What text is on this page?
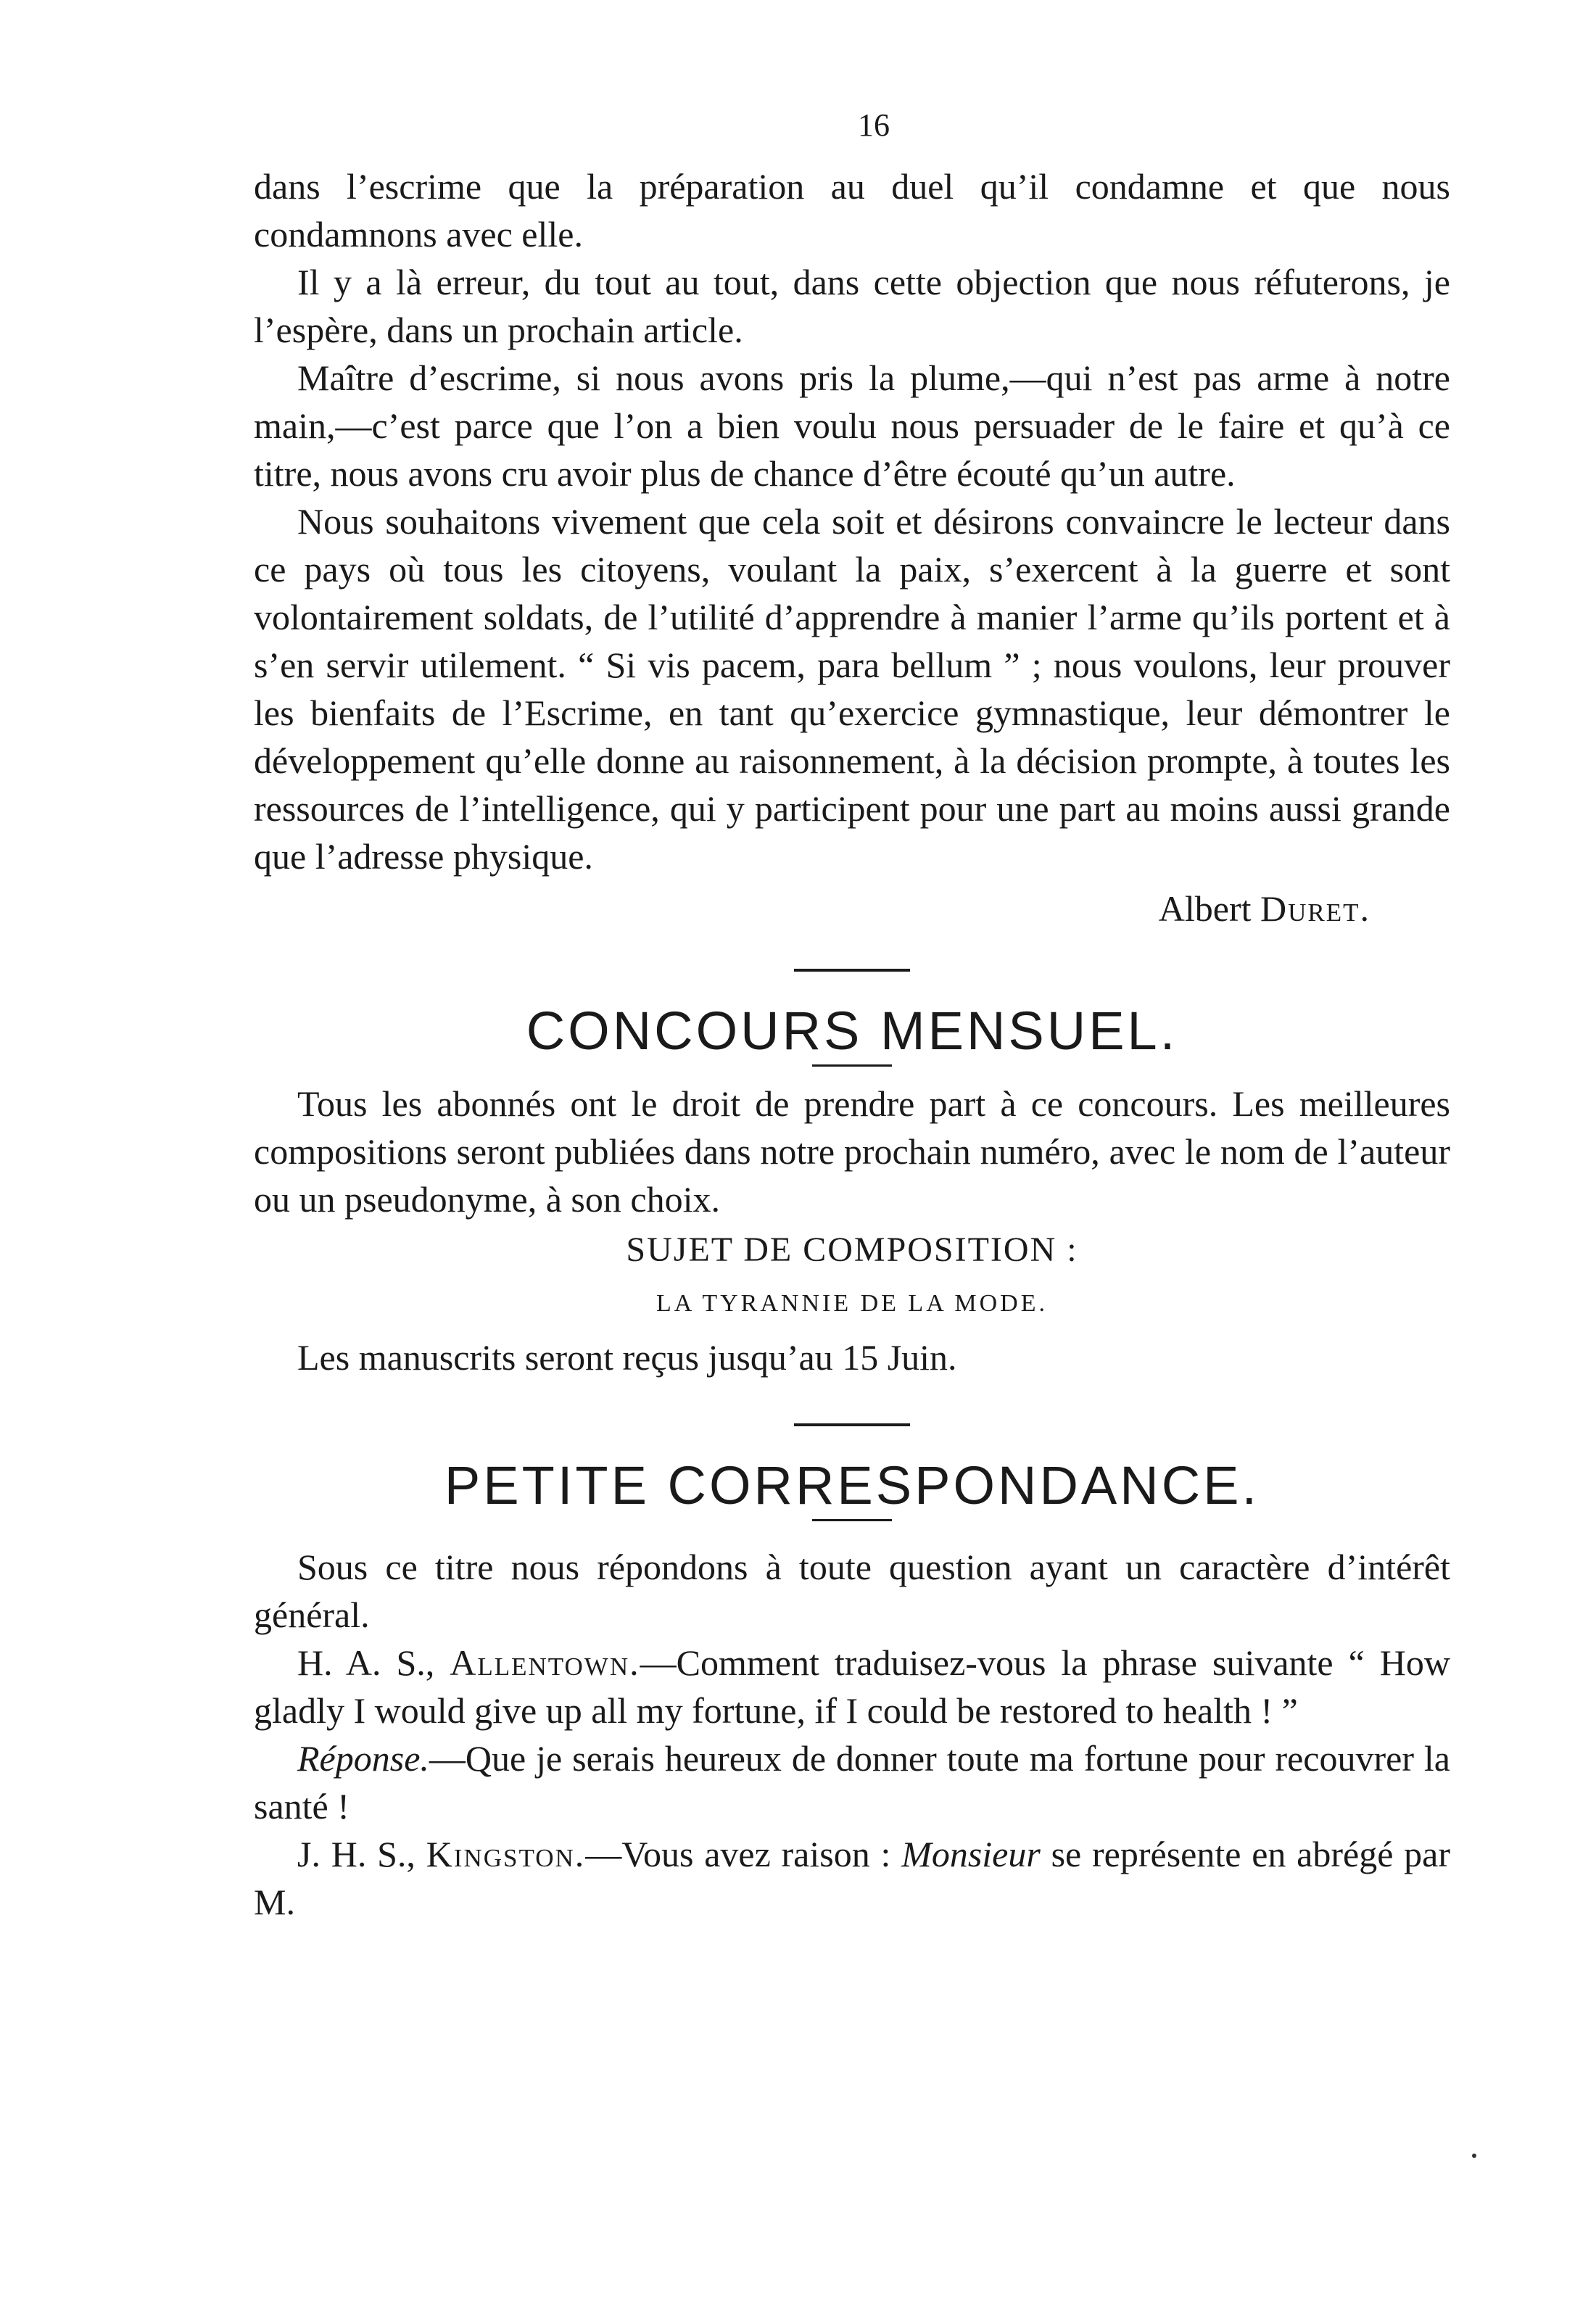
16

dans l’escrime que la préparation au duel qu’il condamne et que nous condamnons avec elle.

Il y a là erreur, du tout au tout, dans cette objection que nous réfuterons, je l’espère, dans un prochain article.

Maître d’escrime, si nous avons pris la plume,—qui n’est pas arme à notre main,—c’est parce que l’on a bien voulu nous persuader de le faire et qu’à ce titre, nous avons cru avoir plus de chance d’être écouté qu’un autre.

Nous souhaitons vivement que cela soit et désirons convaincre le lecteur dans ce pays où tous les citoyens, voulant la paix, s’exercent à la guerre et sont volontairement soldats, de l’utilité d’apprendre à manier l’arme qu’ils portent et à s’en servir utilement. “ Si vis pacem, para bellum ” ; nous voulons, leur prouver les bienfaits de l’Escrime, en tant qu’exercice gymnastique, leur démontrer le développement qu’elle donne au raisonnement, à la décision prompte, à toutes les ressources de l’intelligence, qui y participent pour une part au moins aussi grande que l’adresse physique.

Albert Duret.
CONCOURS MENSUEL.

Tous les abonnés ont le droit de prendre part à ce concours. Les meilleures compositions seront publiées dans notre prochain numéro, avec le nom de l’auteur ou un pseudonyme, à son choix.

SUJET DE COMPOSITION :
LA TYRANNIE DE LA MODE.
Les manuscrits seront reçus jusqu’au 15 Juin.
PETITE CORRESPONDANCE.

Sous ce titre nous répondons à toute question ayant un caractère d’intérêt général.

H. A. S., Allentown.—Comment traduisez-vous la phrase suivante “ How gladly I would give up all my fortune, if I could be restored to health ! ”

Réponse.—Que je serais heureux de donner toute ma fortune pour recouvrer la santé !

J. H. S., Kingston.—Vous avez raison : Monsieur se représente en abrégé par M.
